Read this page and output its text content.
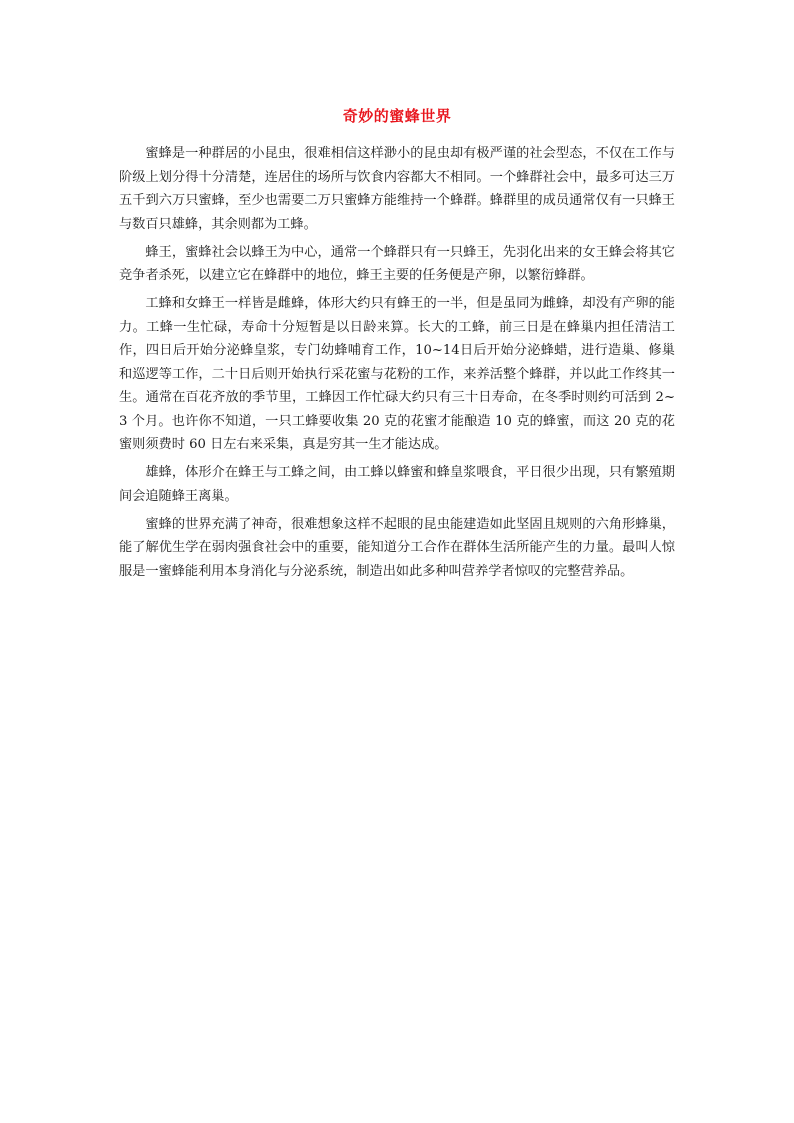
奇妙的蜜蜂世界

蜜蜂是一种群居的小昆虫，很难相信这样渺小的昆虫却有极严谨的社会型态，不仅在工作与阶级上划分得十分清楚，连居住的场所与饮食内容都大不相同。一个蜂群社会中，最多可达三万五千到六万只蜜蜂，至少也需要二万只蜜蜂方能维持一个蜂群。蜂群里的成员通常仅有一只蜂王与数百只雄蜂，其余则都为工蜂。

蜂王，蜜蜂社会以蜂王为中心，通常一个蜂群只有一只蜂王，先羽化出来的女王蜂会将其它竞争者杀死，以建立它在蜂群中的地位，蜂王主要的任务便是产卵，以繁衍蜂群。

工蜂和女蜂王一样皆是雌蜂，体形大约只有蜂王的一半，但是虽同为雌蜂，却没有产卵的能力。工蜂一生忙碌，寿命十分短暂是以日龄来算。长大的工蜂，前三日是在蜂巢内担任清洁工作，四日后开始分泌蜂皇浆，专门幼蜂哺育工作，10~14日后开始分泌蜂蜡，进行造巢、修巢和巡逻等工作，二十日后则开始执行采花蜜与花粉的工作，来养活整个蜂群，并以此工作终其一生。通常在百花齐放的季节里，工蜂因工作忙碌大约只有三十日寿命，在冬季时则约可活到 2~3 个月。也许你不知道，一只工蜂要收集 20 克的花蜜才能酿造 10 克的蜂蜜，而这 20 克的花蜜则须费时 60 日左右来采集，真是穷其一生才能达成。

雄蜂，体形介在蜂王与工蜂之间，由工蜂以蜂蜜和蜂皇浆喂食，平日很少出现，只有繁殖期间会追随蜂王离巢。

蜜蜂的世界充满了神奇，很难想象这样不起眼的昆虫能建造如此坚固且规则的六角形蜂巢，能了解优生学在弱肉强食社会中的重要，能知道分工合作在群体生活所能产生的力量。最叫人惊服是一蜜蜂能利用本身消化与分泌系统，制造出如此多种叫营养学者惊叹的完整营养品。
